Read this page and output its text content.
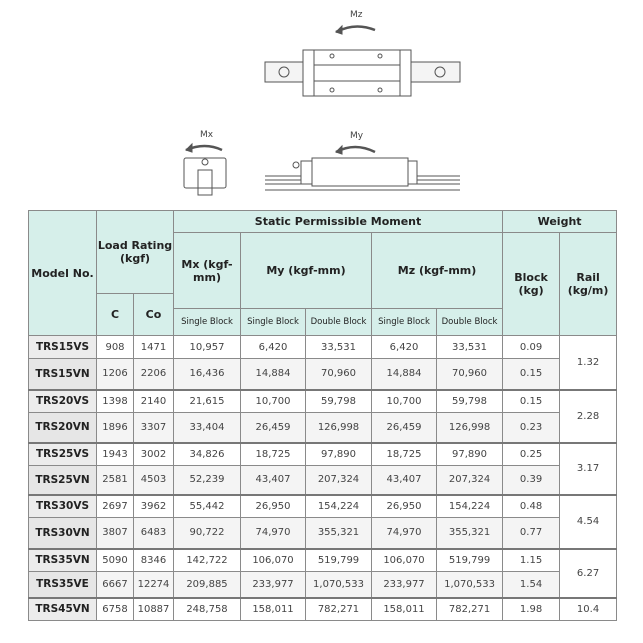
Mz
Mx	My
Model No.	Load Rating (kgf)		Static Permissible Moment					Weight	
			Mx (kgf-mm)	My (kgf-mm)		Mz (kgf-mm)		Block (kg)	Rail (kg/m)
	C	Co							
			Single Block	Single Block	Double Block	Single Block	Double Block		
TRS15VS	908	1471	10,957	6,420	33,531	6,420	33,531	0.09	1.32
TRS15VN	1206	2206	16,436	14,884	70,960	14,884	70,960	0.15	
TRS20VS	1398	2140	21,615	10,700	59,798	10,700	59,798	0.15	2.28
TRS20VN	1896	3307	33,404	26,459	126,998	26,459	126,998	0.23	
TRS25VS	1943	3002	34,826	18,725	97,890	18,725	97,890	0.25	3.17
TRS25VN	2581	4503	52,239	43,407	207,324	43,407	207,324	0.39	
TRS30VS	2697	3962	55,442	26,950	154,224	26,950	154,224	0.48	4.54
TRS30VN	3807	6483	90,722	74,970	355,321	74,970	355,321	0.77	
TRS35VN	5090	8346	142,722	106,070	519,799	106,070	519,799	1.15	6.27
TRS35VE	6667	12274	209,885	233,977	1,070,533	233,977	1,070,533	1.54	
TRS45VN	6758	10887	248,758	158,011	782,271	158,011	782,271	1.98	10.4
